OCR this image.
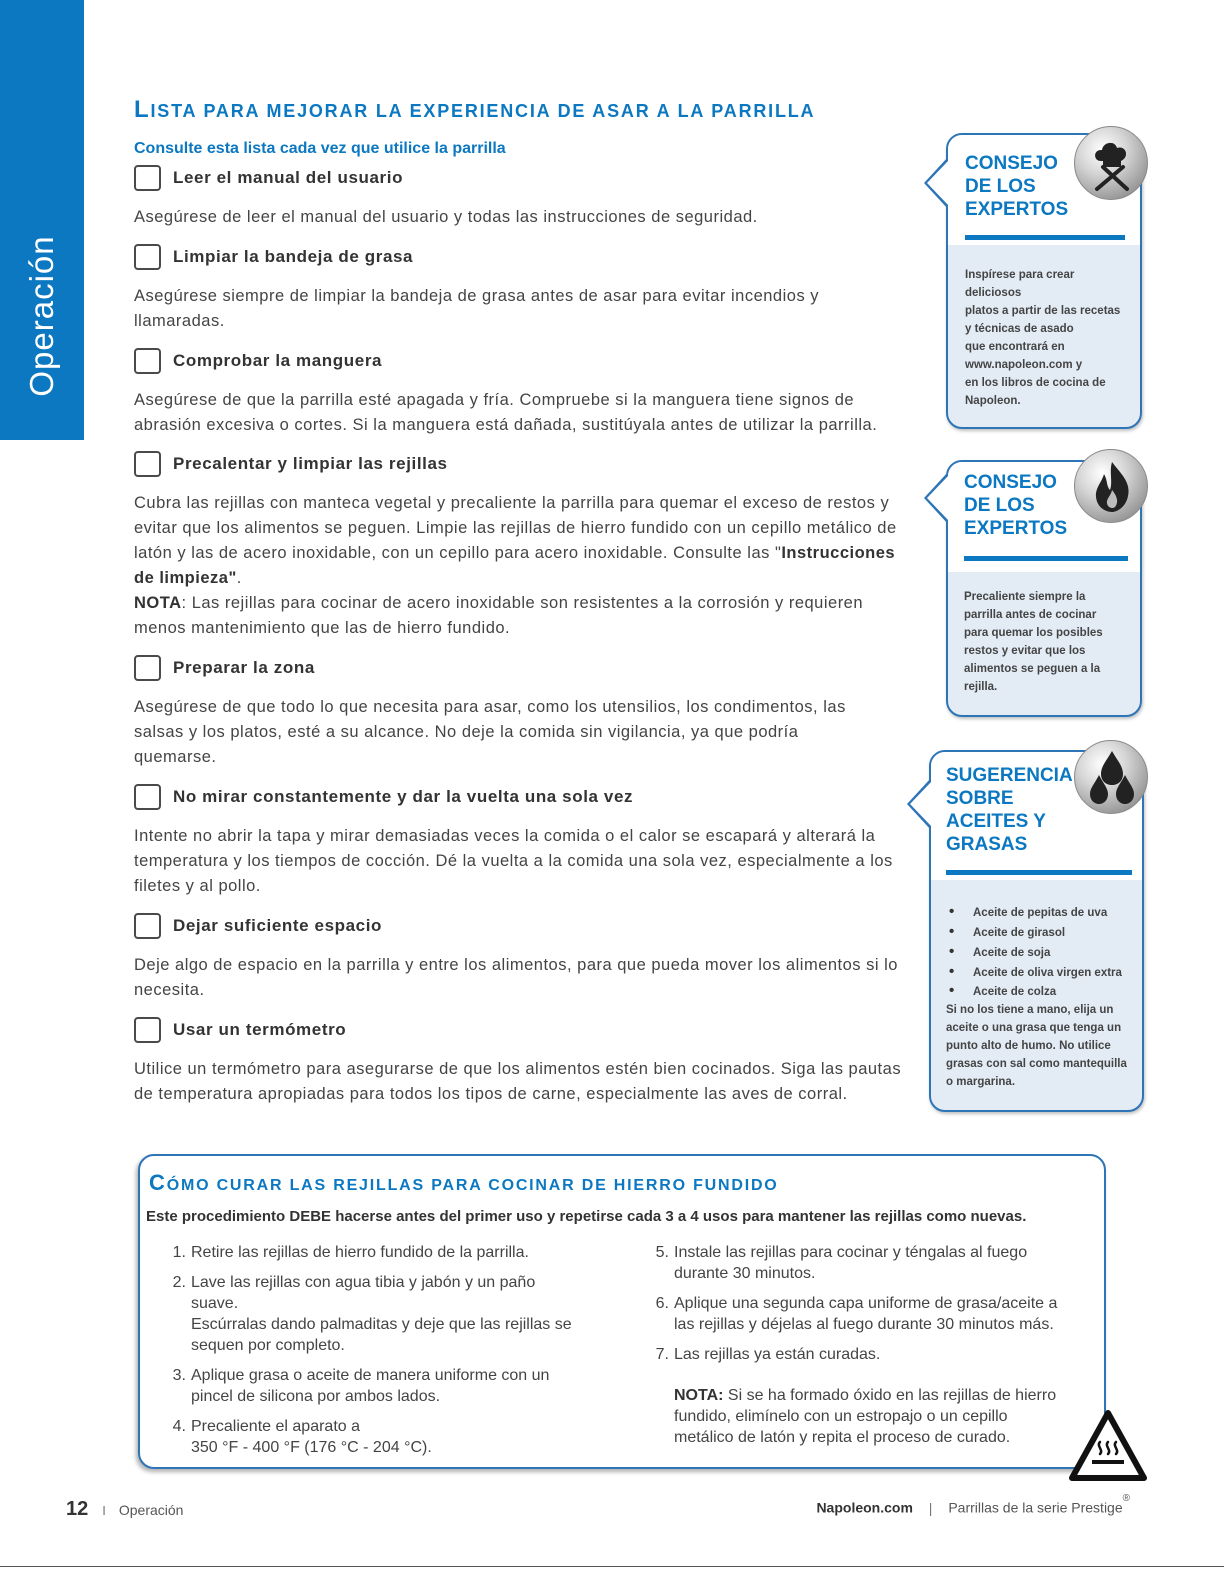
Operación
LISTA PARA MEJORAR LA EXPERIENCIA DE ASAR A LA PARRILLA
Consulte esta lista cada vez que utilice la parrilla
Leer el manual del usuario
Asegúrese de leer el manual del usuario y todas las instrucciones de seguridad.
Limpiar la bandeja de grasa
Asegúrese siempre de limpiar la bandeja de grasa antes de asar para evitar incendios y llamaradas.
Comprobar la manguera
Asegúrese de que la parrilla esté apagada y fría. Compruebe si la manguera tiene signos de abrasión excesiva o cortes. Si la manguera está dañada, sustitúyala antes de utilizar la parrilla.
Precalentar y limpiar las rejillas
Cubra las rejillas con manteca vegetal y precaliente la parrilla para quemar el exceso de restos y evitar que los alimentos se peguen. Limpie las rejillas de hierro fundido con un cepillo metálico de latón y las de acero inoxidable, con un cepillo para acero inoxidable. Consulte las "Instrucciones de limpieza".
NOTA: Las rejillas para cocinar de acero inoxidable son resistentes a la corrosión y requieren menos mantenimiento que las de hierro fundido.
Preparar la zona
Asegúrese de que todo lo que necesita para asar, como los utensilios, los condimentos, las salsas y los platos, esté a su alcance. No deje la comida sin vigilancia, ya que podría quemarse.
No mirar constantemente y dar la vuelta una sola vez
Intente no abrir la tapa y mirar demasiadas veces la comida o el calor se escapará y alterará la temperatura y los tiempos de cocción. Dé la vuelta a la comida una sola vez, especialmente a los filetes y al pollo.
Dejar suficiente espacio
Deje algo de espacio en la parrilla y entre los alimentos, para que pueda mover los alimentos si lo necesita.
Usar un termómetro
Utilice un termómetro para asegurarse de que los alimentos estén bien cocinados. Siga las pautas de temperatura apropiadas para todos los tipos de carne, especialmente las aves de corral.
CONSEJO
DE LOS
EXPERTOS
Inspírese para crear
deliciosos
platos a partir de las recetas
y técnicas de asado
que encontrará en
www.napoleon.com y
en los libros de cocina de
Napoleon.
CONSEJO
DE LOS
EXPERTOS
Precaliente siempre la
parrilla antes de cocinar
para quemar los posibles
restos y evitar que los
alimentos se peguen a la
rejilla.
SUGERENCIA
SOBRE
ACEITES Y
GRASAS
• Aceite de pepitas de uva
• Aceite de girasol
• Aceite de soja
• Aceite de oliva virgen extra
• Aceite de colza
Si no los tiene a mano, elija un
aceite o una grasa que tenga un
punto alto de humo. No utilice
grasas con sal como mantequilla
o margarina.
CÓMO CURAR LAS REJILLAS PARA COCINAR DE HIERRO FUNDIDO
Este procedimiento DEBE hacerse antes del primer uso y repetirse cada 3 a 4 usos para mantener las rejillas como nuevas.
1. Retire las rejillas de hierro fundido de la parrilla.
2. Lave las rejillas con agua tibia y jabón y un paño
suave.
Escúrralas dando palmaditas y deje que las rejillas se
sequen por completo.
3. Aplique grasa o aceite de manera uniforme con un
pincel de silicona por ambos lados.
4. Precaliente el aparato a
350 °F - 400 °F (176 °C - 204 °C).
5. Instale las rejillas para cocinar y téngalas al fuego
durante 30 minutos.
6. Aplique una segunda capa uniforme de grasa/aceite a
las rejillas y déjelas al fuego durante 30 minutos más.
7. Las rejillas ya están curadas.
NOTA: Si se ha formado óxido en las rejillas de hierro
fundido, elimínelo con un estropajo o un cepillo
metálico de latón y repita el proceso de curado.
12 I Operación	Napoleon.com | Parrillas de la serie Prestige®
